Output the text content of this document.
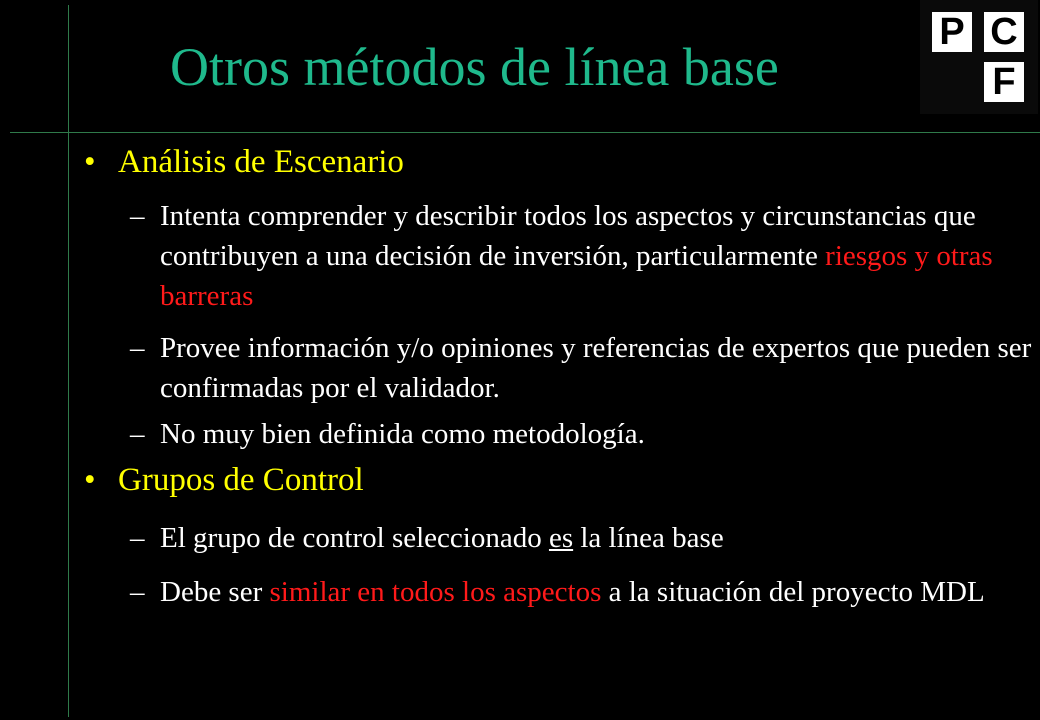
Otros métodos de línea base
P C
F
• Análisis de Escenario
– Intenta comprender y describir todos los aspectos y circunstancias que contribuyen a una decisión de inversión, particularmente riesgos y otras barreras
– Provee información y/o opiniones y referencias de expertos que pueden ser confirmadas por el validador.
– No muy bien definida como metodología.
• Grupos de Control
– El grupo de control seleccionado es la línea base
– Debe ser similar en todos los aspectos a la situación del proyecto MDL
